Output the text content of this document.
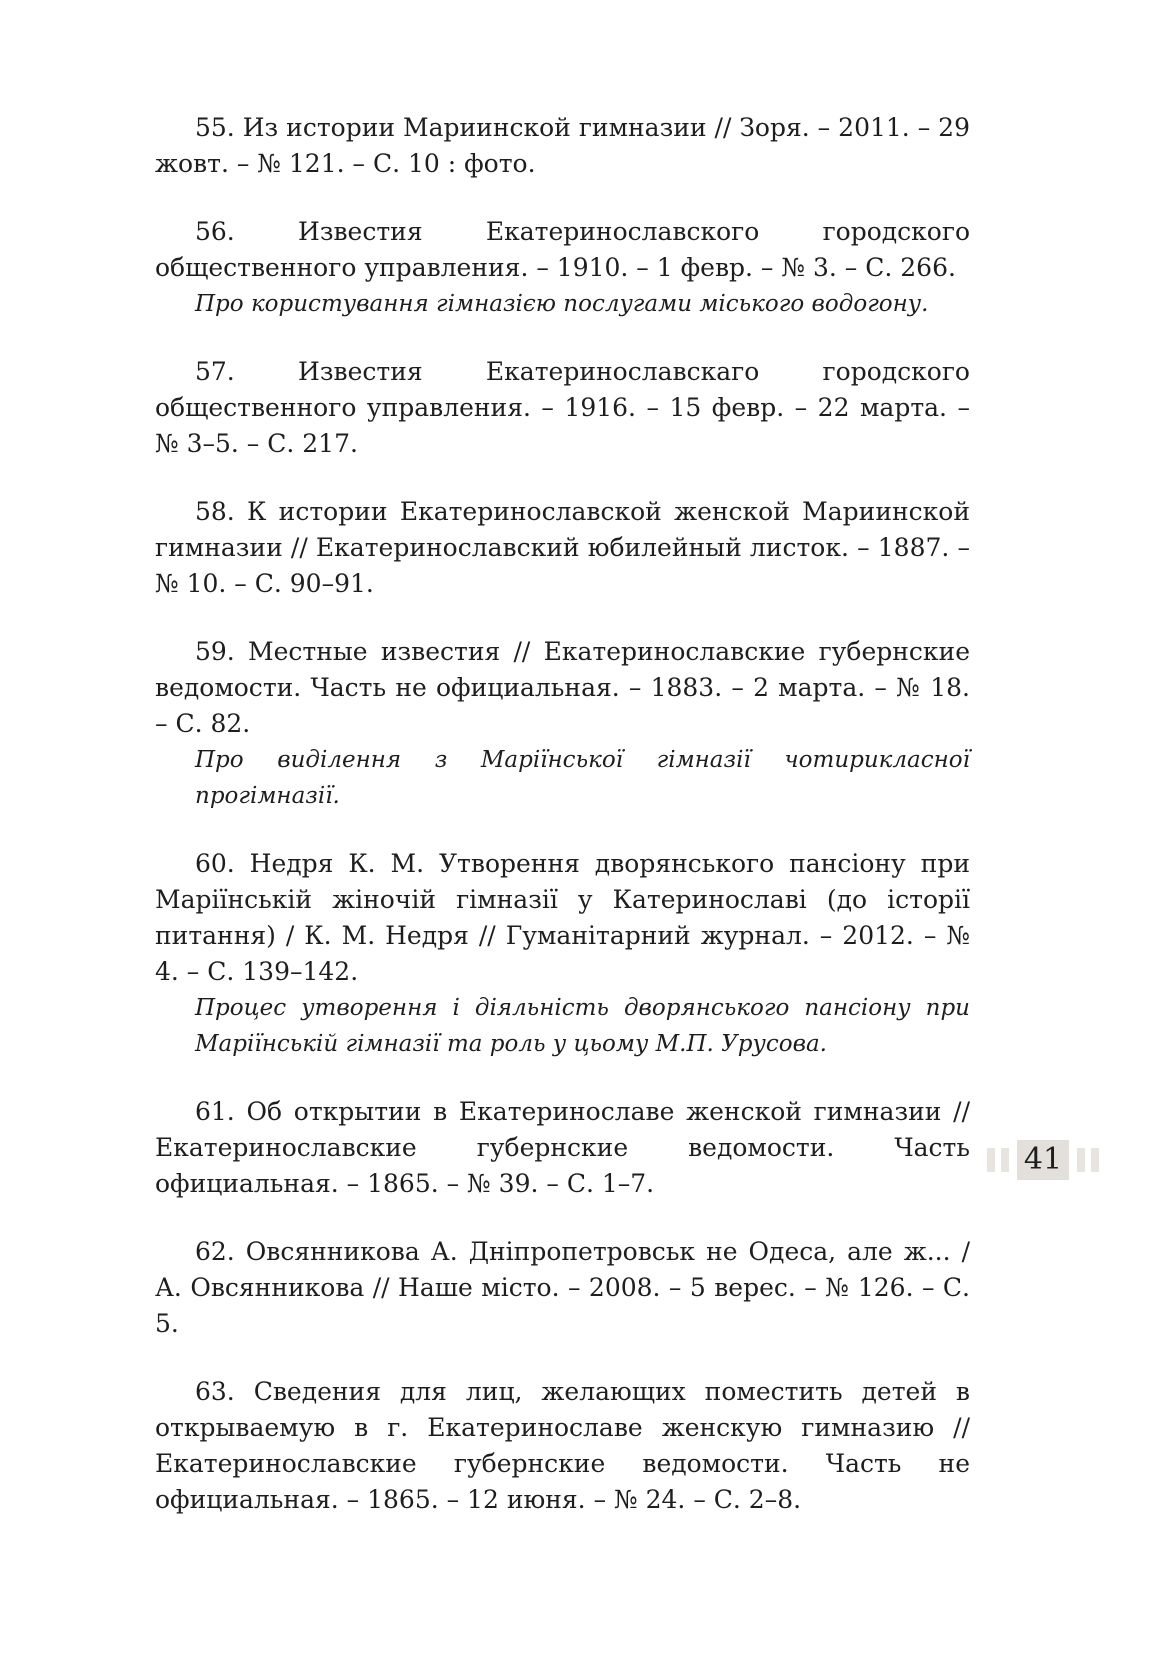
55. Из истории Мариинской гимназии // Зоря. – 2011. – 29 жовт. – № 121. – С. 10 : фото.

56. Известия Екатеринославского городского общественного управления. – 1910. – 1 февр. – № 3. – С. 266.

Про користування гімназією послугами міського водогону.

57. Известия Екатеринославскаго городского общественного управления. – 1916. – 15 февр. – 22 марта. – № 3–5. – С. 217.

58. К истории Екатеринославской женской Мариинской гимназии // Екатеринославский юбилейный листок. – 1887. – № 10. – С. 90–91.

59. Местные известия // Екатеринославские губернские ведомости. Часть не официальная. – 1883. – 2 марта. – № 18. – С. 82.

Про виділення з Маріїнської гімназії чотирикласної прогімназії.

60. Недря К. М. Утворення дворянського пансіону при Маріїнській жіночій гімназії у Катеринославі (до історії питання) / К. М. Недря // Гуманітарний журнал. – 2012. – № 4. – С. 139–142.

Процес утворення і діяльність дворянського пансіону при Маріїнській гімназії та роль у цьому М.П. Урусова.

61. Об открытии в Екатеринославе женской гимназии // Екатеринославские губернские ведомости. Часть официальная. – 1865. – № 39. – С. 1–7.

62. Овсянникова А. Дніпропетровськ не Одеса, але ж... / А. Овсянникова // Наше місто. – 2008. – 5 верес. – № 126. – С. 5.

63. Сведения для лиц, желающих поместить детей в открываемую в г. Екатеринославе женскую гимназию // Екатеринославские губернские ведомости. Часть не официальная. – 1865. – 12 июня. – № 24. – С. 2–8.

41
